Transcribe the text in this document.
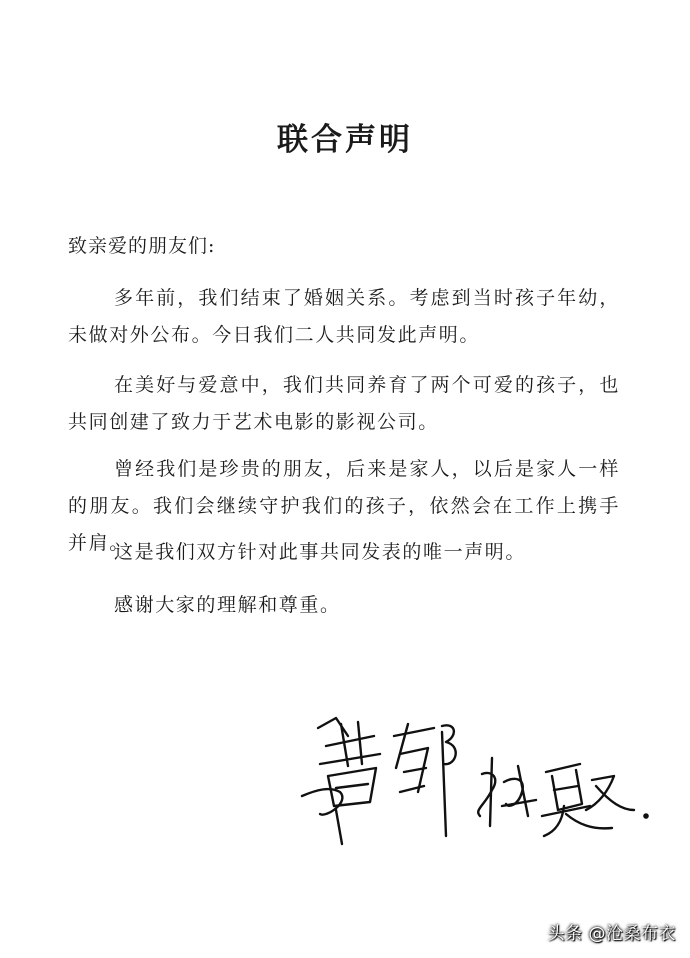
联合声明
致亲爱的朋友们:
多年前，我们结束了婚姻关系。考虑到当时孩子年幼，未做对外公布。今日我们二人共同发此声明。
在美好与爱意中，我们共同养育了两个可爱的孩子，也共同创建了致力于艺术电影的影视公司。
曾经我们是珍贵的朋友，后来是家人，以后是家人一样的朋友。我们会继续守护我们的孩子，依然会在工作上携手并肩。
这是我们双方针对此事共同发表的唯一声明。
感谢大家的理解和尊重。
头条 @沧桑布衣
